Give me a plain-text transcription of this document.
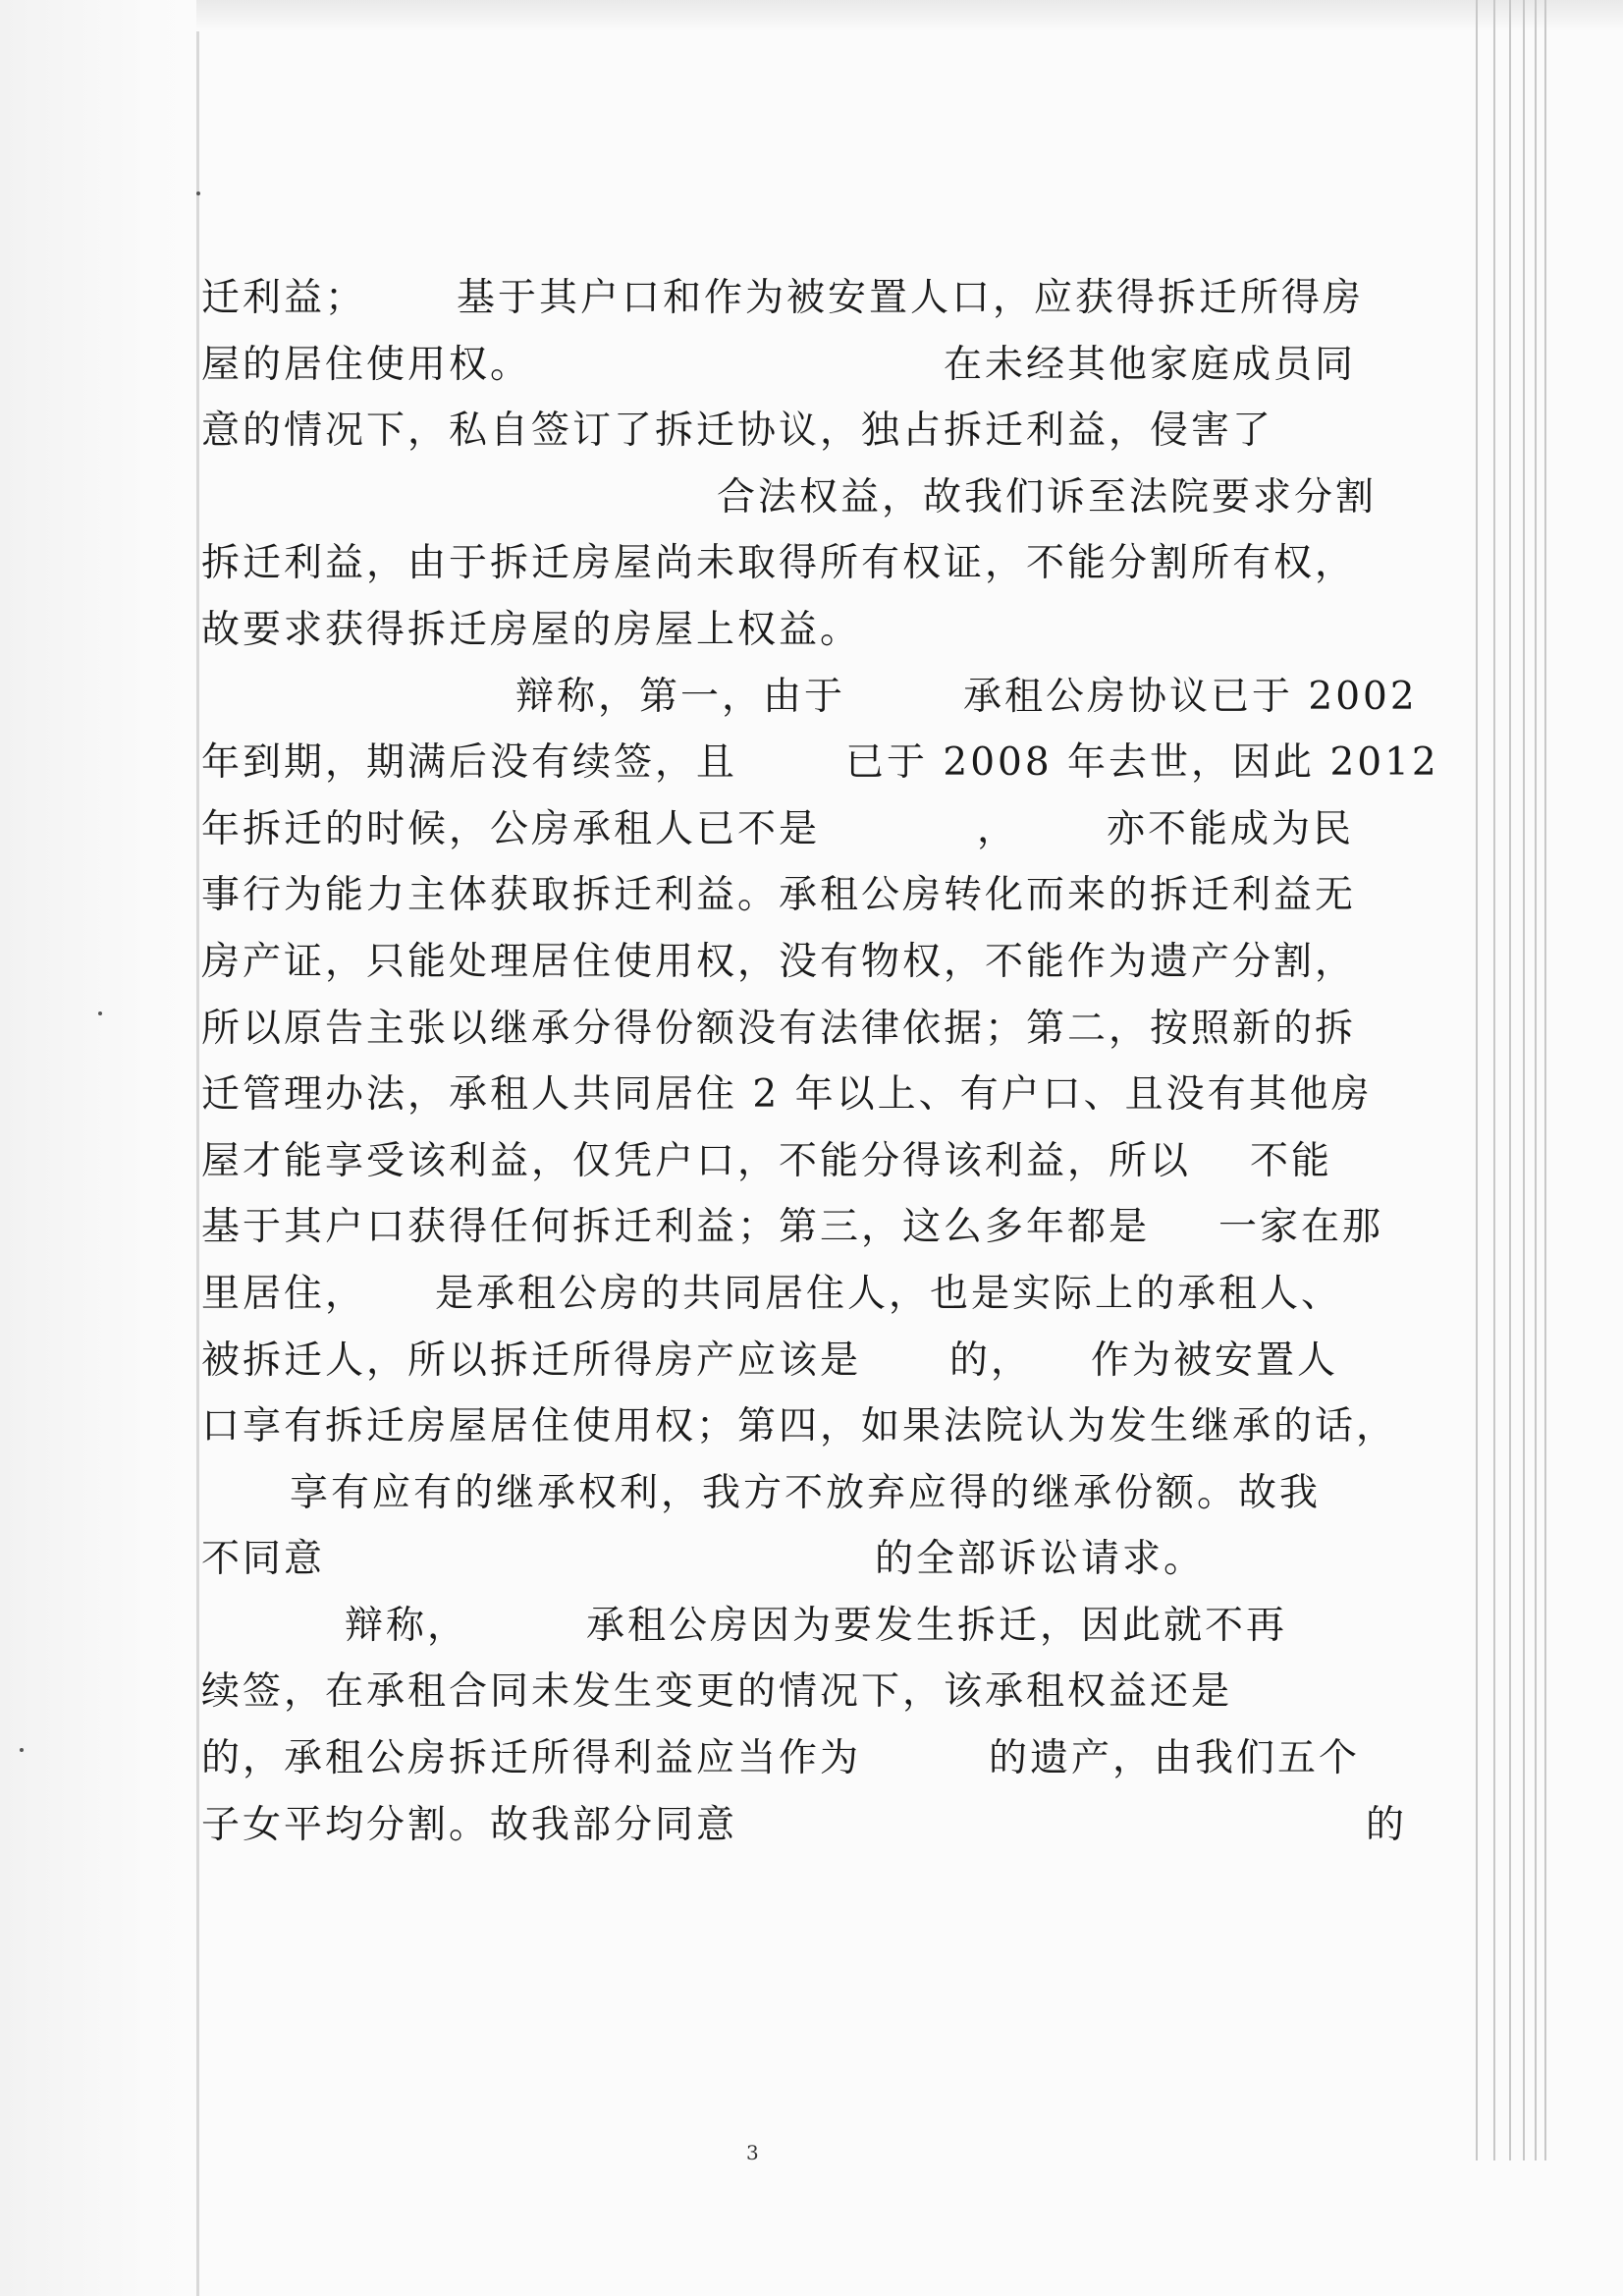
迁利益； 基于其户口和作为被安置人口，应获得拆迁所得房
屋的居住使用权。	在未经其他家庭成员同
意的情况下，私自签订了拆迁协议，独占拆迁利益，侵害了
合法权益，故我们诉至法院要求分割
拆迁利益，由于拆迁房屋尚未取得所有权证，不能分割所有权，
故要求获得拆迁房屋的房屋上权益。
辩称，第一，由于	承租公房协议已于 2002
年到期，期满后没有续签，且	已于 2008 年去世，因此 2012
年拆迁的时候，公房承租人已不是	， 亦不能成为民
事行为能力主体获取拆迁利益。承租公房转化而来的拆迁利益无
房产证，只能处理居住使用权，没有物权，不能作为遗产分割，
所以原告主张以继承分得份额没有法律依据；第二，按照新的拆
迁管理办法，承租人共同居住 2 年以上、有户口、且没有其他房
屋才能享受该利益，仅凭户口，不能分得该利益，所以 不能
基于其户口获得任何拆迁利益；第三，这么多年都是 一家在那
里居住， 是承租公房的共同居住人，也是实际上的承租人、
被拆迁人，所以拆迁所得房产应该是 的， 作为被安置人
口享有拆迁房屋居住使用权；第四，如果法院认为发生继承的话，
享有应有的继承权利，我方不放弃应得的继承份额。故我
不同意	的全部诉讼请求。
辩称，	承租公房因为要发生拆迁，因此就不再
续签，在承租合同未发生变更的情况下，该承租权益还是
的，承租公房拆迁所得利益应当作为	的遗产，由我们五个
子女平均分割。故我部分同意	的
3
